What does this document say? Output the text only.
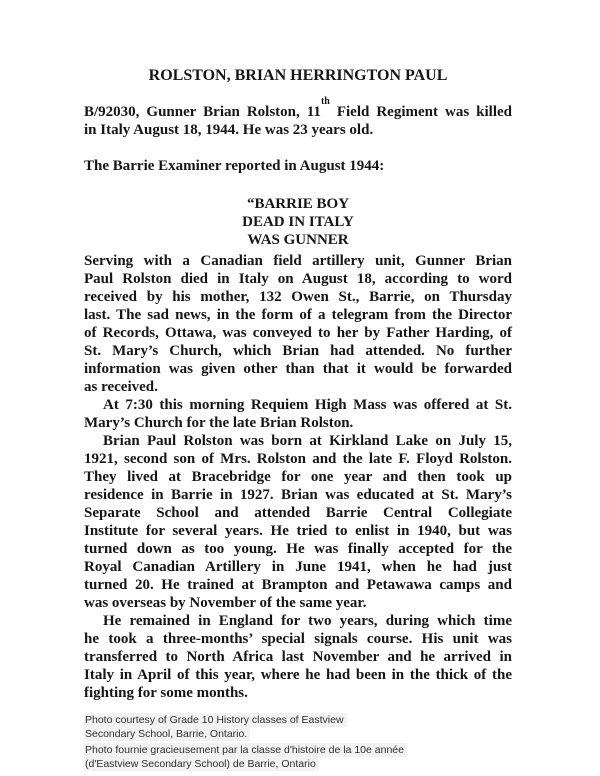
ROLSTON, BRIAN HERRINGTON PAUL
B/92030, Gunner Brian Rolston, 11th Field Regiment was killed
in Italy August 18, 1944. He was 23 years old.
The Barrie Examiner reported in August 1944:
“BARRIE BOY
DEAD IN ITALY
WAS GUNNER
Serving with a Canadian field artillery unit, Gunner Brian
Paul Rolston died in Italy on August 18, according to word
received by his mother, 132 Owen St., Barrie, on Thursday
last. The sad news, in the form of a telegram from the Director
of Records, Ottawa, was conveyed to her by Father Harding, of
St. Mary’s Church, which Brian had attended. No further
information was given other than that it would be forwarded
as received.
At 7:30 this morning Requiem High Mass was offered at St.
Mary’s Church for the late Brian Rolston.
Brian Paul Rolston was born at Kirkland Lake on July 15,
1921, second son of Mrs. Rolston and the late F. Floyd Rolston.
They lived at Bracebridge for one year and then took up
residence in Barrie in 1927. Brian was educated at St. Mary’s
Separate School and attended Barrie Central Collegiate
Institute for several years. He tried to enlist in 1940, but was
turned down as too young. He was finally accepted for the
Royal Canadian Artillery in June 1941, when he had just
turned 20. He trained at Brampton and Petawawa camps and
was overseas by November of the same year.
He remained in England for two years, during which time
he took a three-months’ special signals course. His unit was
transferred to North Africa last November and he arrived in
Italy in April of this year, where he had been in the thick of the
fighting for some months.
Photo courtesy of Grade 10 History classes of Eastview
Secondary School, Barrie, Ontario.
Photo fournie gracieusement par la classe d'histoire de la 10e année
(d'Eastview Secondary School) de Barrie, Ontario
